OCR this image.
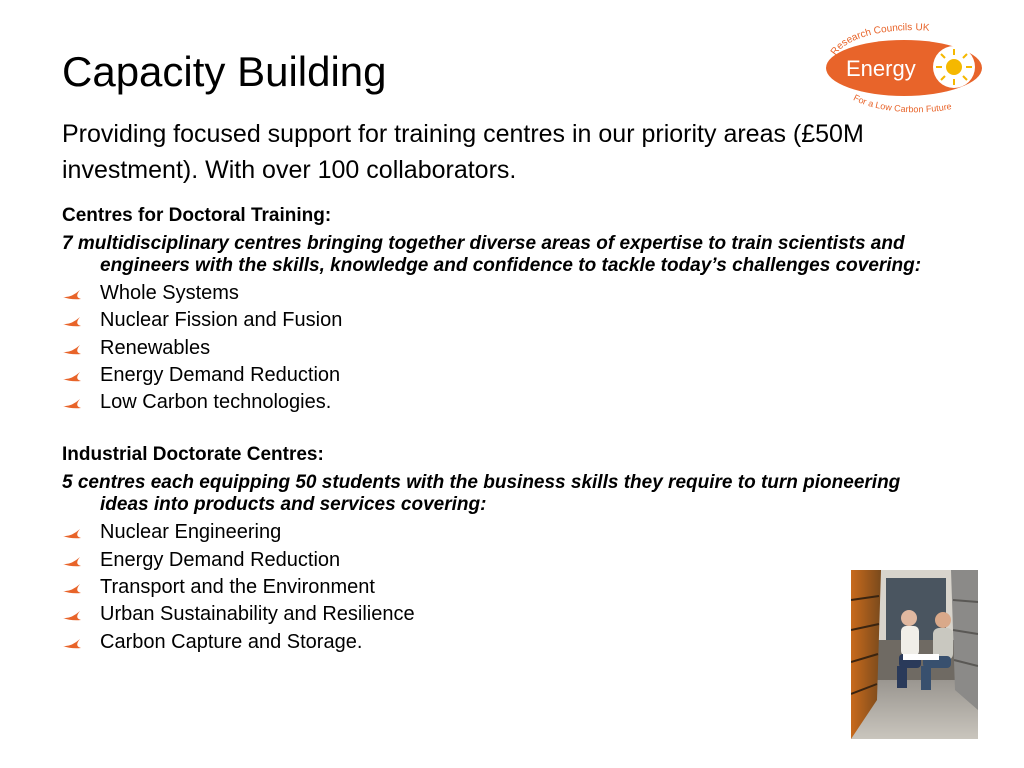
Capacity Building

Providing focused support for training centres in our priority areas (£50M investment). With over 100 collaborators.

Research Councils UK
Energy
For a Low Carbon Future

Centres for Doctoral Training:

7 multidisciplinary centres bringing together diverse areas of expertise to train scientists and engineers with the skills, knowledge and confidence to tackle today’s challenges covering:

Whole Systems
Nuclear Fission and Fusion
Renewables
Energy Demand Reduction
Low Carbon technologies.

Industrial Doctorate Centres:

5 centres each equipping 50 students with the business skills they require to turn pioneering ideas into products and services covering:

Nuclear Engineering
Energy Demand Reduction
Transport and the Environment
Urban Sustainability and Resilience
Carbon Capture and Storage.
